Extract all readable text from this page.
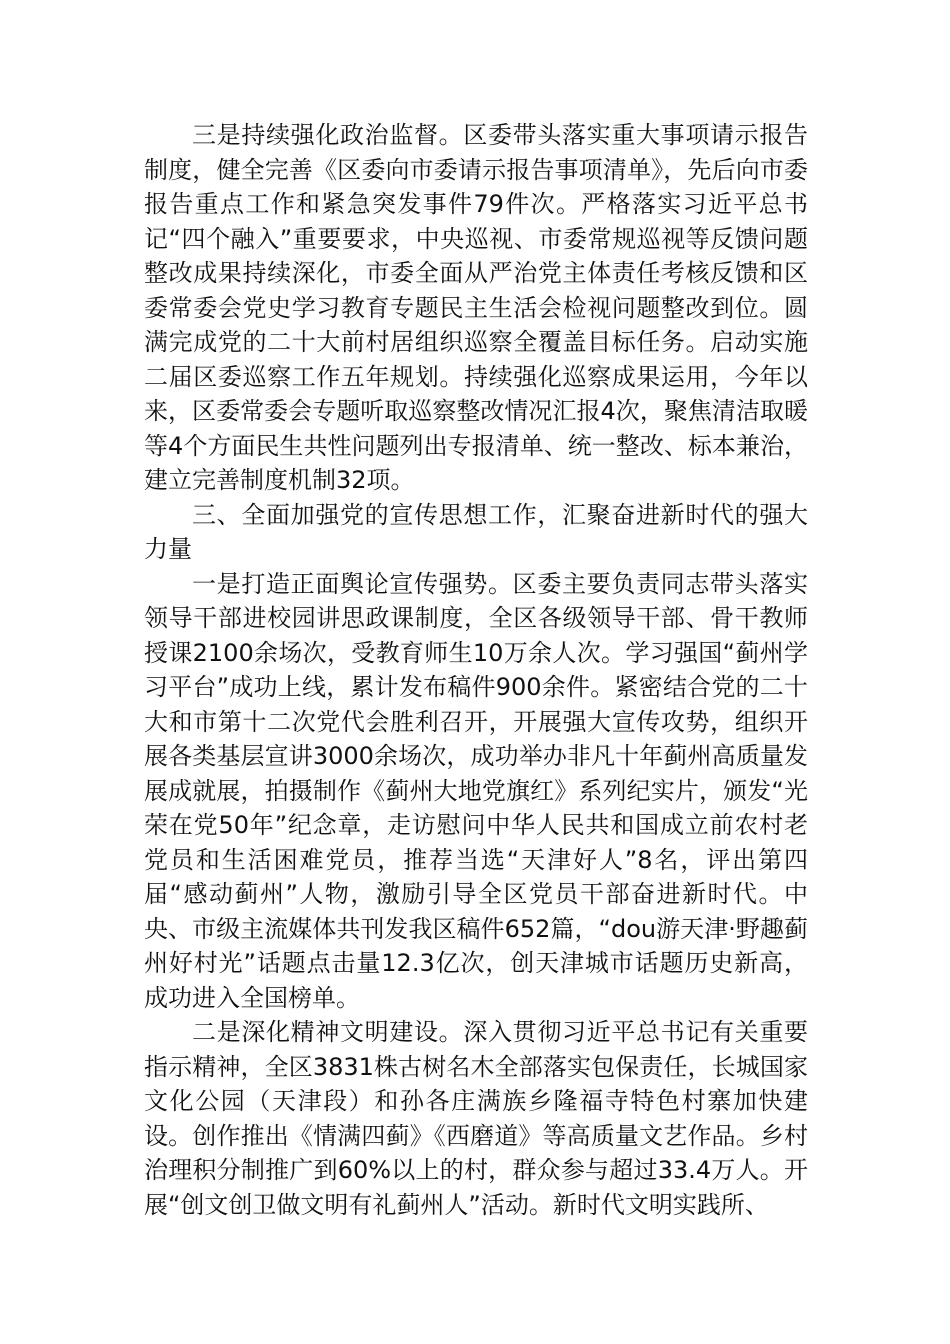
三是持续强化政治监督。区委带头落实重大事项请示报告制度，健全完善《区委向市委请示报告事项清单》，先后向市委报告重点工作和紧急突发事件79件次。严格落实习近平总书记“四个融入”重要要求，中央巡视、市委常规巡视等反馈问题整改成果持续深化，市委全面从严治党主体责任考核反馈和区委常委会党史学习教育专题民主生活会检视问题整改到位。圆满完成党的二十大前村居组织巡察全覆盖目标任务。启动实施二届区委巡察工作五年规划。持续强化巡察成果运用，今年以来，区委常委会专题听取巡察整改情况汇报4次，聚焦清洁取暖等4个方面民生共性问题列出专报清单、统一整改、标本兼治，建立完善制度机制32项。

三、全面加强党的宣传思想工作，汇聚奋进新时代的强大力量

一是打造正面舆论宣传强势。区委主要负责同志带头落实领导干部进校园讲思政课制度，全区各级领导干部、骨干教师授课2100余场次，受教育师生10万余人次。学习强国“蓟州学习平台”成功上线，累计发布稿件900余件。紧密结合党的二十大和市第十二次党代会胜利召开，开展强大宣传攻势，组织开展各类基层宣讲3000余场次，成功举办非凡十年蓟州高质量发展成就展，拍摄制作《蓟州大地党旗红》系列纪实片，颁发“光荣在党50年”纪念章，走访慰问中华人民共和国成立前农村老党员和生活困难党员，推荐当选“天津好人”8名，评出第四届“感动蓟州”人物，激励引导全区党员干部奋进新时代。中央、市级主流媒体共刊发我区稿件652篇，“dou游天津·野趣蓟州好村光”话题点击量12.3亿次，创天津城市话题历史新高，成功进入全国榜单。

二是深化精神文明建设。深入贯彻习近平总书记有关重要指示精神，全区3831株古树名木全部落实包保责任，长城国家文化公园（天津段）和孙各庄满族乡隆福寺特色村寨加快建设。创作推出《情满四蓟》《西磨道》等高质量文艺作品。乡村治理积分制推广到60%以上的村，群众参与超过33.4万人。开展“创文创卫做文明有礼蓟州人”活动。新时代文明实践所、
